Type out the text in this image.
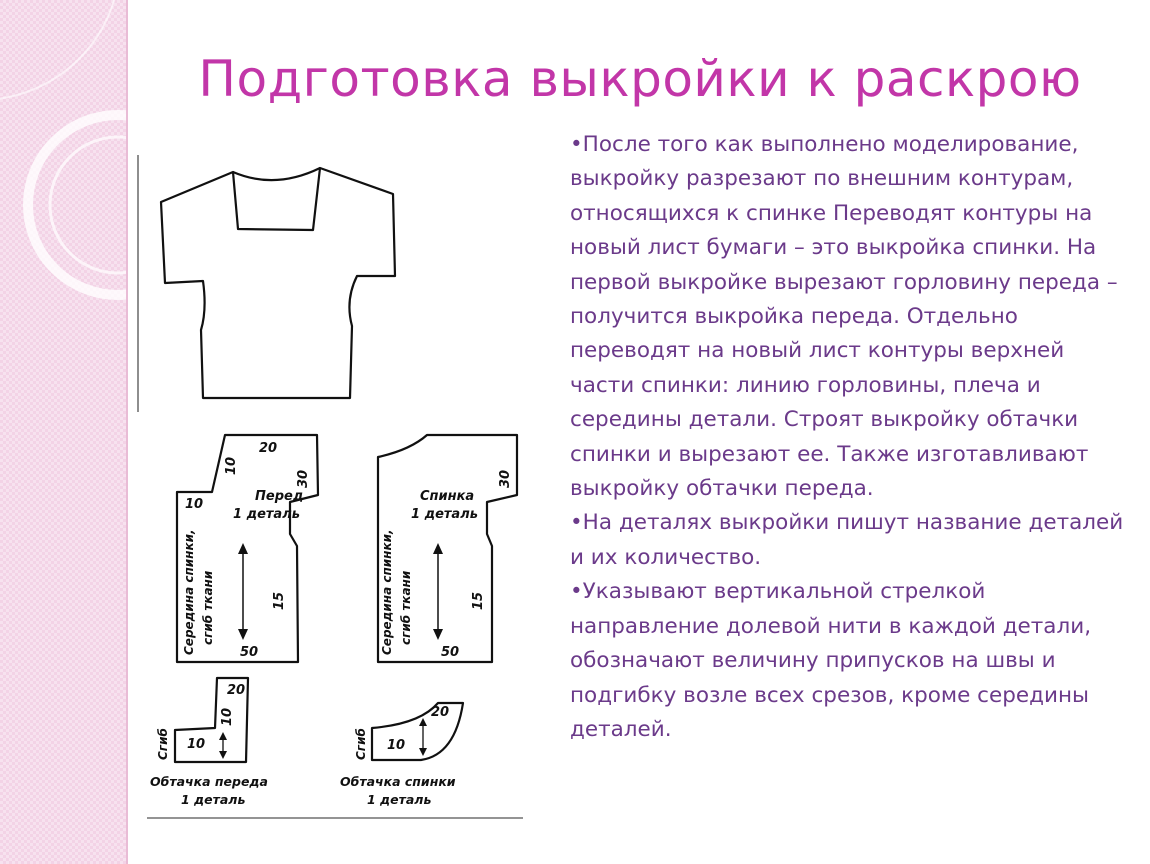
Подготовка выкройки к раскрою
20
10
30
10
Перед
1 деталь
Середина спинки, сгиб ткани	15
50
30
Спинка
1 деталь
Середина спинки, сгиб ткани	15
50
20
10
10
Сгиб
Обтачка переда
1 деталь
20
10
Сгиб
Обтачка спинки
1 деталь

•После того как выполнено моделирование, выкройку разрезают по внешним контурам, относящихся к спинке Переводят контуры на новый лист бумаги – это выкройка спинки. На первой выкройке вырезают горловину переда – получится выкройка переда. Отдельно переводят на новый лист контуры верхней части спинки: линию горловины, плеча и середины детали. Строят выкройку обтачки спинки и вырезают ее. Также изготавливают выкройку обтачки переда.

•На деталях выкройки пишут название деталей и их количество.

•Указывают вертикальной стрелкой направление долевой нити в каждой детали, обозначают величину припусков на швы и подгибку возле всех срезов, кроме середины деталей.
